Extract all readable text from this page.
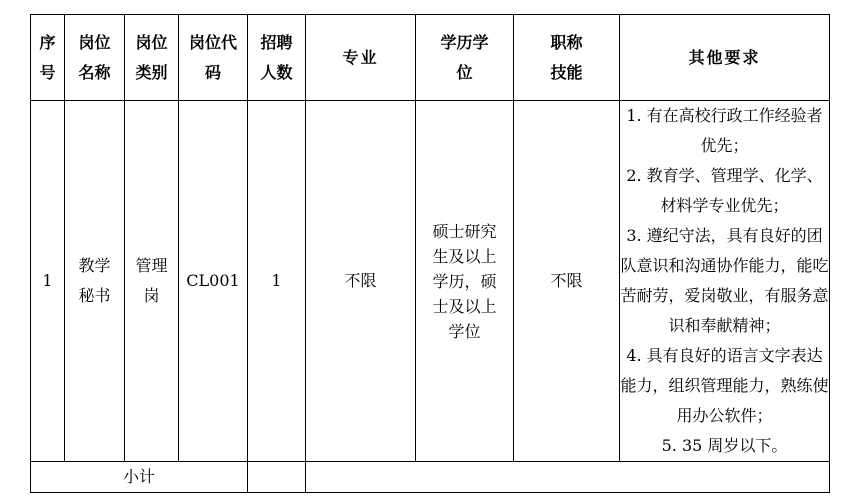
序号	岗位名称	岗位类别	岗位代码	招聘人数	专业	学历学位	职称技能	其他要求

1	教学秘书	管理岗	CL001	1	不限	硕士研究生及以上学历，硕士及以上学位	不限	1. 有在高校行政工作经验者优先；
2. 教育学、管理学、化学、材料学专业优先；
3. 遵纪守法，具有良好的团队意识和沟通协作能力，能吃苦耐劳，爱岗敬业，有服务意识和奉献精神；
4. 具有良好的语言文字表达能力，组织管理能力，熟练使用办公软件；
5. 35 周岁以下。

小计								
